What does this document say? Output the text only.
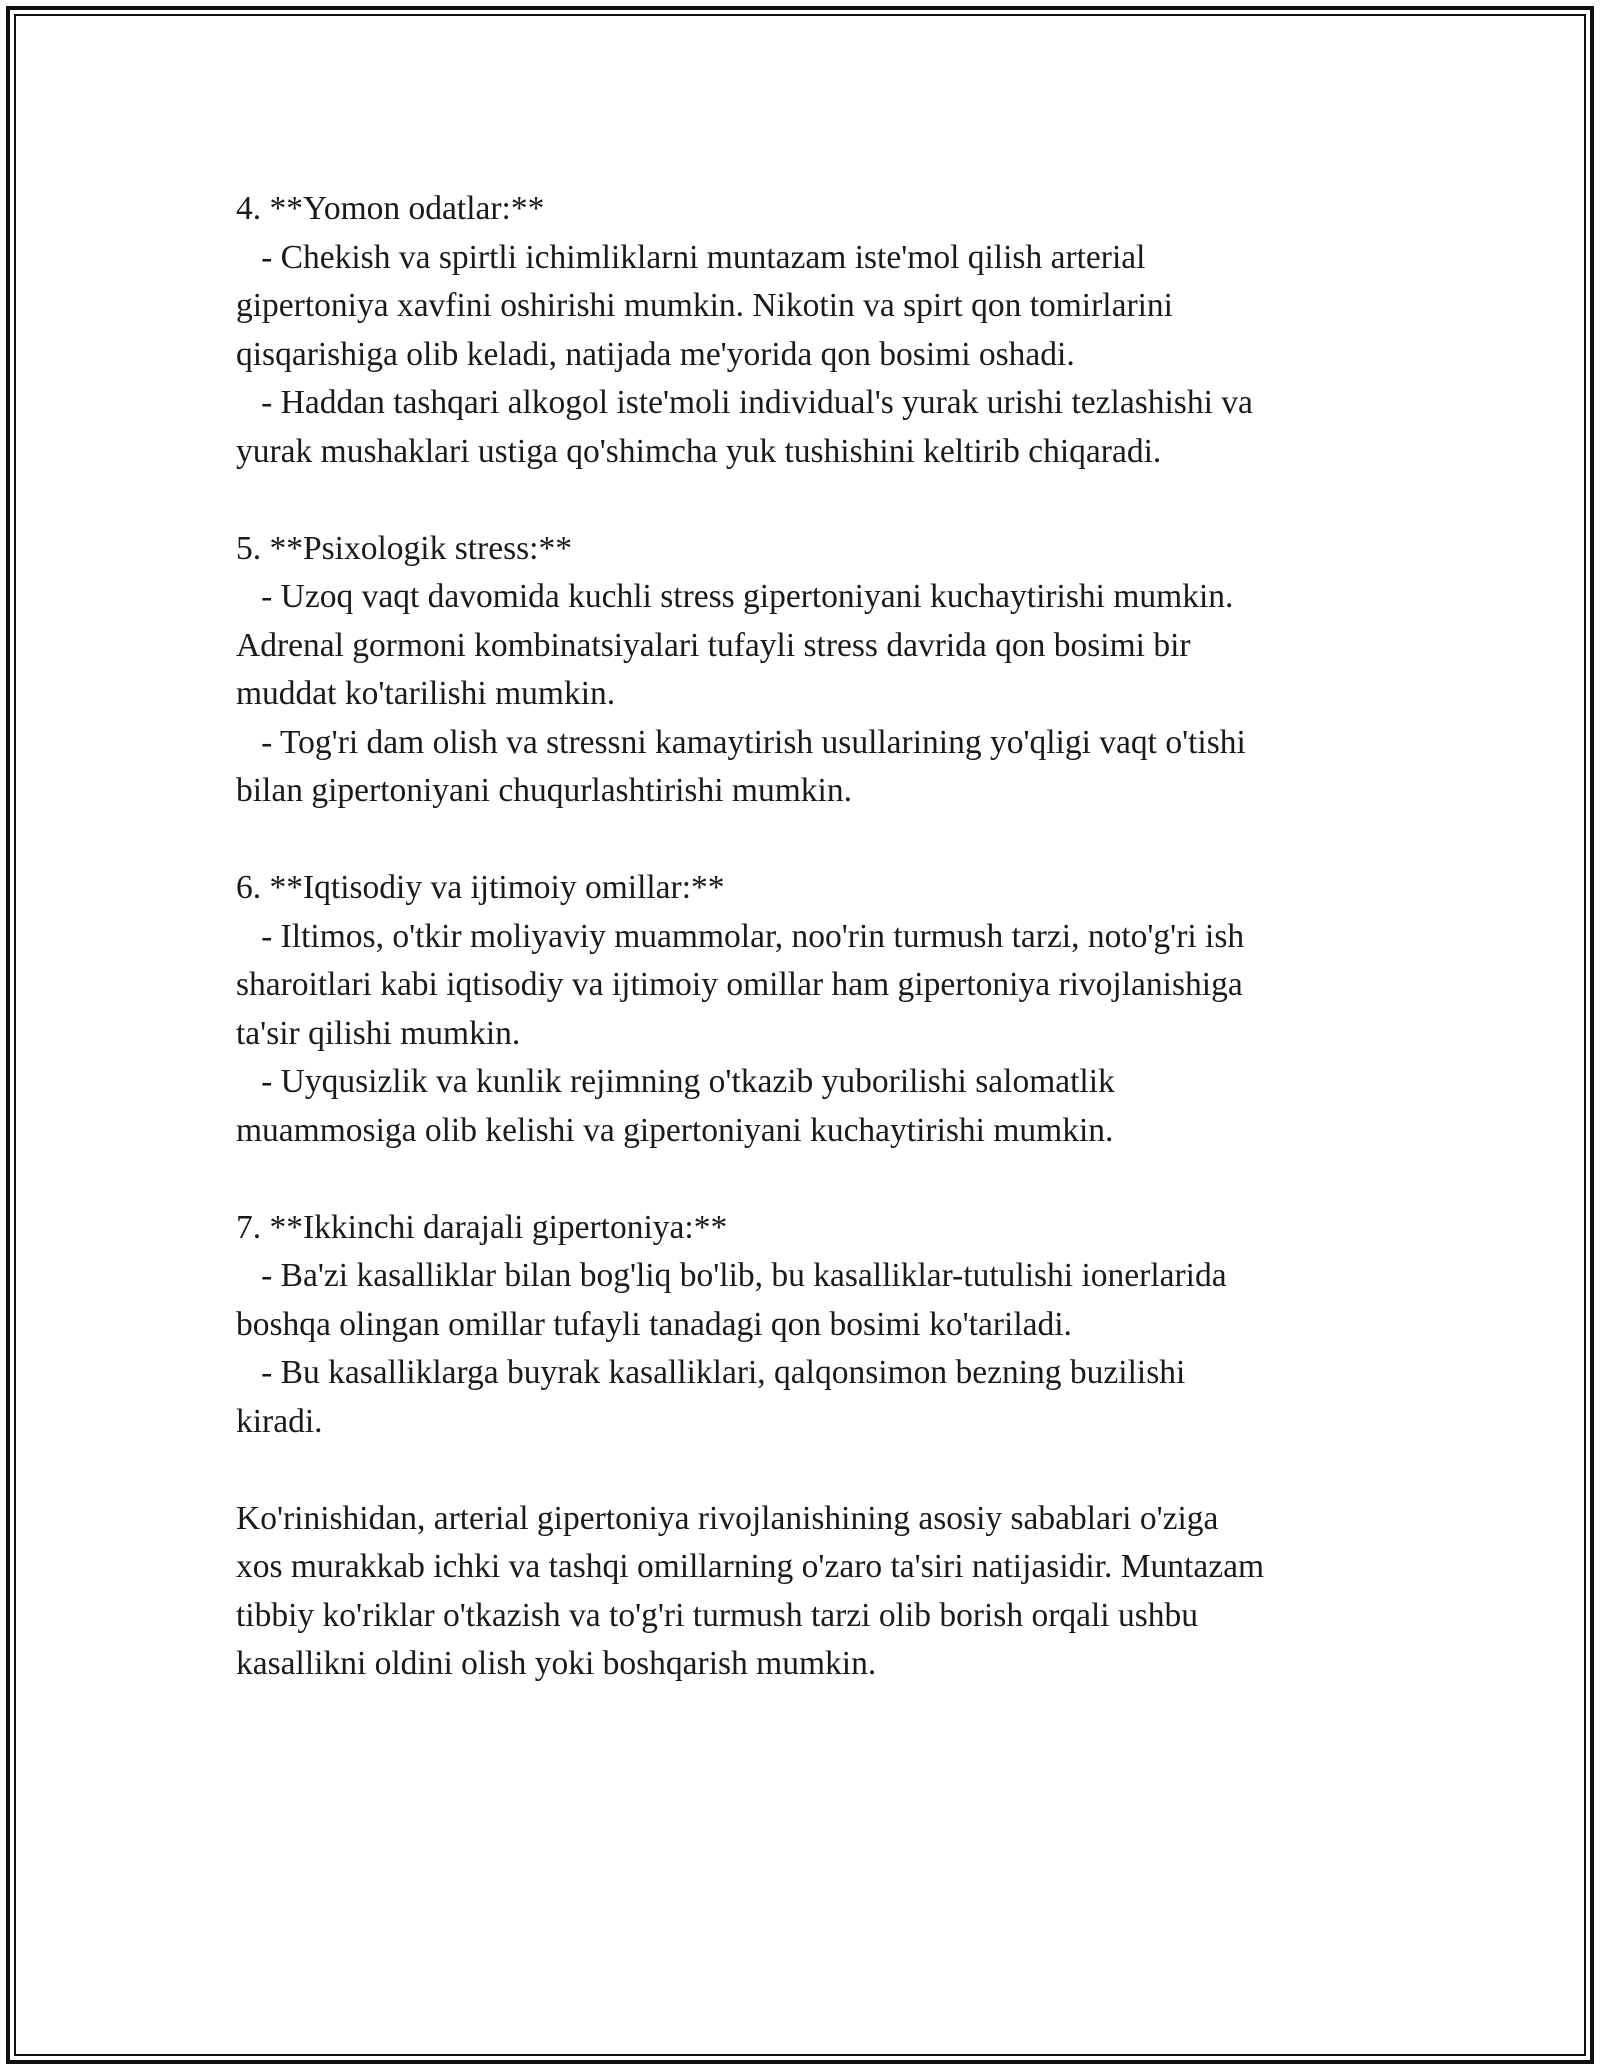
4. **Yomon odatlar:**
- Chekish va spirtli ichimliklarni muntazam iste'mol qilish arterial
gipertoniya xavfini oshirishi mumkin. Nikotin va spirt qon tomirlarini
qisqarishiga olib keladi, natijada me'yorida qon bosimi oshadi.
- Haddan tashqari alkogol iste'moli individual's yurak urishi tezlashishi va
yurak mushaklari ustiga qo'shimcha yuk tushishini keltirib chiqaradi.
5. **Psixologik stress:**
- Uzoq vaqt davomida kuchli stress gipertoniyani kuchaytirishi mumkin.
Adrenal gormoni kombinatsiyalari tufayli stress davrida qon bosimi bir
muddat ko'tarilishi mumkin.
- Tog'ri dam olish va stressni kamaytirish usullarining yo'qligi vaqt o'tishi
bilan gipertoniyani chuqurlashtirishi mumkin.
6. **Iqtisodiy va ijtimoiy omillar:**
- Iltimos, o'tkir moliyaviy muammolar, noo'rin turmush tarzi, noto'g'ri ish
sharoitlari kabi iqtisodiy va ijtimoiy omillar ham gipertoniya rivojlanishiga
ta'sir qilishi mumkin.
- Uyqusizlik va kunlik rejimning o'tkazib yuborilishi salomatlik
muammosiga olib kelishi va gipertoniyani kuchaytirishi mumkin.
7. **Ikkinchi darajali gipertoniya:**
- Ba'zi kasalliklar bilan bog'liq bo'lib, bu kasalliklar-tutulishi ionerlarida
boshqa olingan omillar tufayli tanadagi qon bosimi ko'tariladi.
- Bu kasalliklarga buyrak kasalliklari, qalqonsimon bezning buzilishi
kiradi.
Ko'rinishidan, arterial gipertoniya rivojlanishining asosiy sabablari o'ziga
xos murakkab ichki va tashqi omillarning o'zaro ta'siri natijasidir. Muntazam
tibbiy ko'riklar o'tkazish va to'g'ri turmush tarzi olib borish orqali ushbu
kasallikni oldini olish yoki boshqarish mumkin.
